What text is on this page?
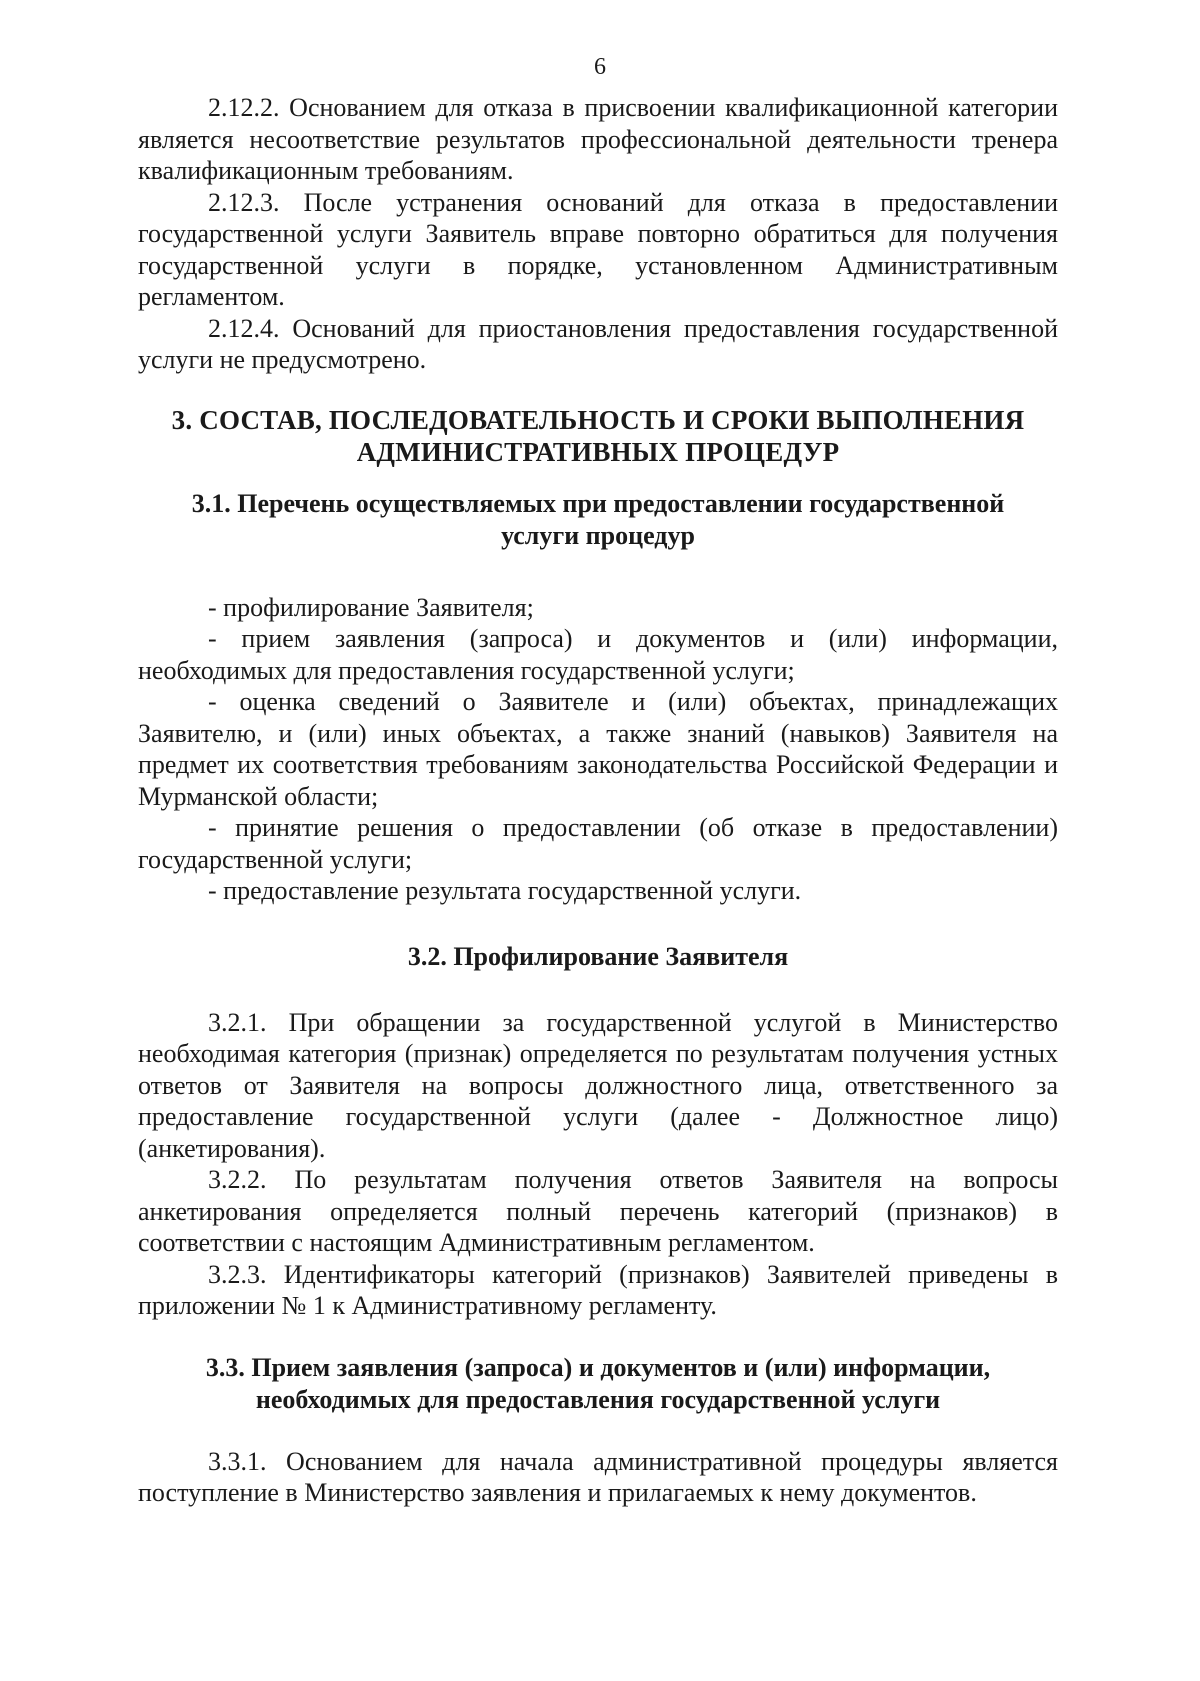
6

2.12.2. Основанием для отказа в присвоении квалификационной категории является несоответствие результатов профессиональной деятельности тренера квалификационным требованиям.

2.12.3. После устранения оснований для отказа в предоставлении государственной услуги Заявитель вправе повторно обратиться для получения государственной услуги в порядке, установленном Административным регламентом.

2.12.4. Оснований для приостановления предоставления государственной услуги не предусмотрено.

3. СОСТАВ, ПОСЛЕДОВАТЕЛЬНОСТЬ И СРОКИ ВЫПОЛНЕНИЯ
АДМИНИСТРАТИВНЫХ ПРОЦЕДУР
3.1. Перечень осуществляемых при предоставлении государственной
услуги процедур

- профилирование Заявителя;

- прием заявления (запроса) и документов и (или) информации, необходимых для предоставления государственной услуги;

- оценка сведений о Заявителе и (или) объектах, принадлежащих Заявителю, и (или) иных объектах, а также знаний (навыков) Заявителя на предмет их соответствия требованиям законодательства Российской Федерации и Мурманской области;

- принятие решения о предоставлении (об отказе в предоставлении) государственной услуги;

- предоставление результата государственной услуги.

3.2. Профилирование Заявителя

3.2.1. При обращении за государственной услугой в Министерство необходимая категория (признак) определяется по результатам получения устных ответов от Заявителя на вопросы должностного лица, ответственного за предоставление государственной услуги (далее - Должностное лицо) (анкетирования).

3.2.2. По результатам получения ответов Заявителя на вопросы анкетирования определяется полный перечень категорий (признаков) в соответствии с настоящим Административным регламентом.

3.2.3. Идентификаторы категорий (признаков) Заявителей приведены в приложении № 1 к Административному регламенту.

3.3. Прием заявления (запроса) и документов и (или) информации,
необходимых для предоставления государственной услуги

3.3.1. Основанием для начала административной процедуры является поступление в Министерство заявления и прилагаемых к нему документов.
